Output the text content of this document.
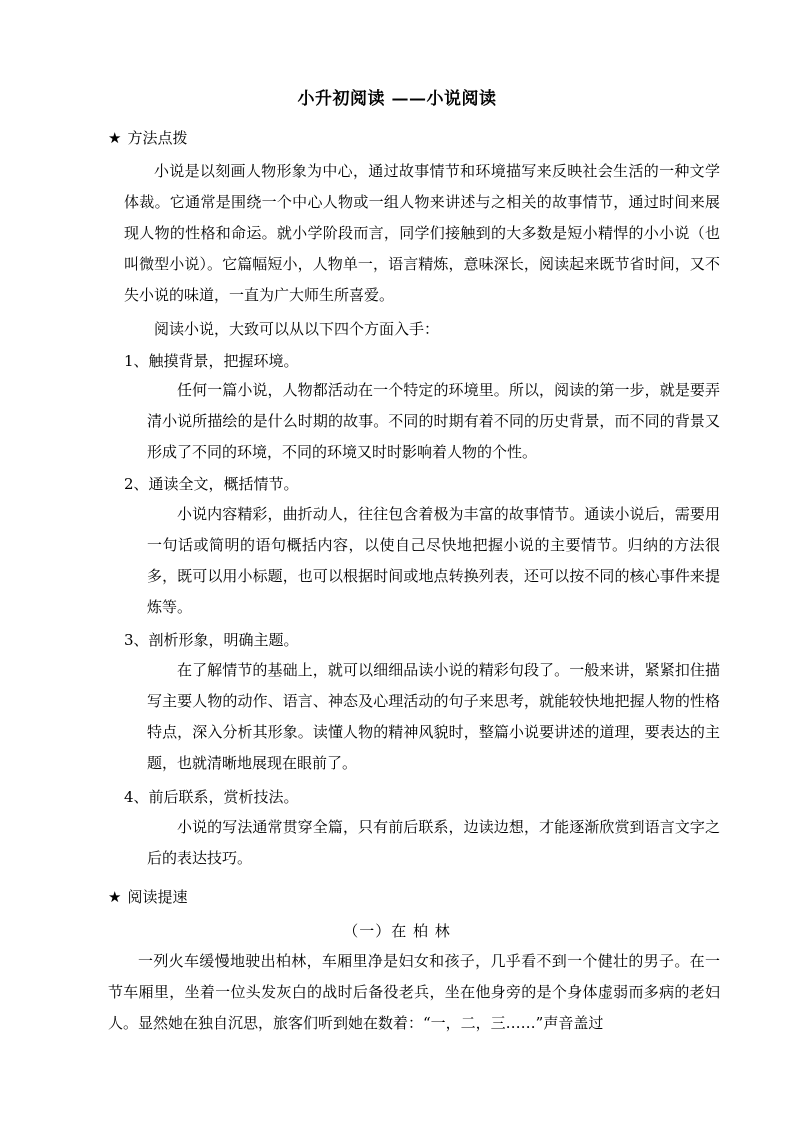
小升初阅读 ——小说阅读
★ 方法点拨
小说是以刻画人物形象为中心，通过故事情节和环境描写来反映社会生活的一种文学体裁。它通常是围绕一个中心人物或一组人物来讲述与之相关的故事情节，通过时间来展现人物的性格和命运。就小学阶段而言，同学们接触到的大多数是短小精悍的小小说（也叫微型小说）。它篇幅短小，人物单一，语言精炼，意味深长，阅读起来既节省时间，又不失小说的味道，一直为广大师生所喜爱。
阅读小说，大致可以从以下四个方面入手：
1、触摸背景，把握环境。
任何一篇小说，人物都活动在一个特定的环境里。所以，阅读的第一步，就是要弄清小说所描绘的是什么时期的故事。不同的时期有着不同的历史背景，而不同的背景又形成了不同的环境，不同的环境又时时影响着人物的个性。
2、通读全文，概括情节。
小说内容精彩，曲折动人，往往包含着极为丰富的故事情节。通读小说后，需要用一句话或简明的语句概括内容，以使自己尽快地把握小说的主要情节。归纳的方法很多，既可以用小标题，也可以根据时间或地点转换列表，还可以按不同的核心事件来提炼等。
3、剖析形象，明确主题。
在了解情节的基础上，就可以细细品读小说的精彩句段了。一般来讲，紧紧扣住描写主要人物的动作、语言、神态及心理活动的句子来思考，就能较快地把握人物的性格特点，深入分析其形象。读懂人物的精神风貌时，整篇小说要讲述的道理，要表达的主题，也就清晰地展现在眼前了。
4、前后联系，赏析技法。
小说的写法通常贯穿全篇，只有前后联系，边读边想，才能逐渐欣赏到语言文字之后的表达技巧。
★ 阅读提速
（一）在 柏 林
一列火车缓慢地驶出柏林，车厢里净是妇女和孩子，几乎看不到一个健壮的男子。在一节车厢里，坐着一位头发灰白的战时后备役老兵，坐在他身旁的是个身体虚弱而多病的老妇人。显然她在独自沉思，旅客们听到她在数着：“一，二，三……”声音盖过
